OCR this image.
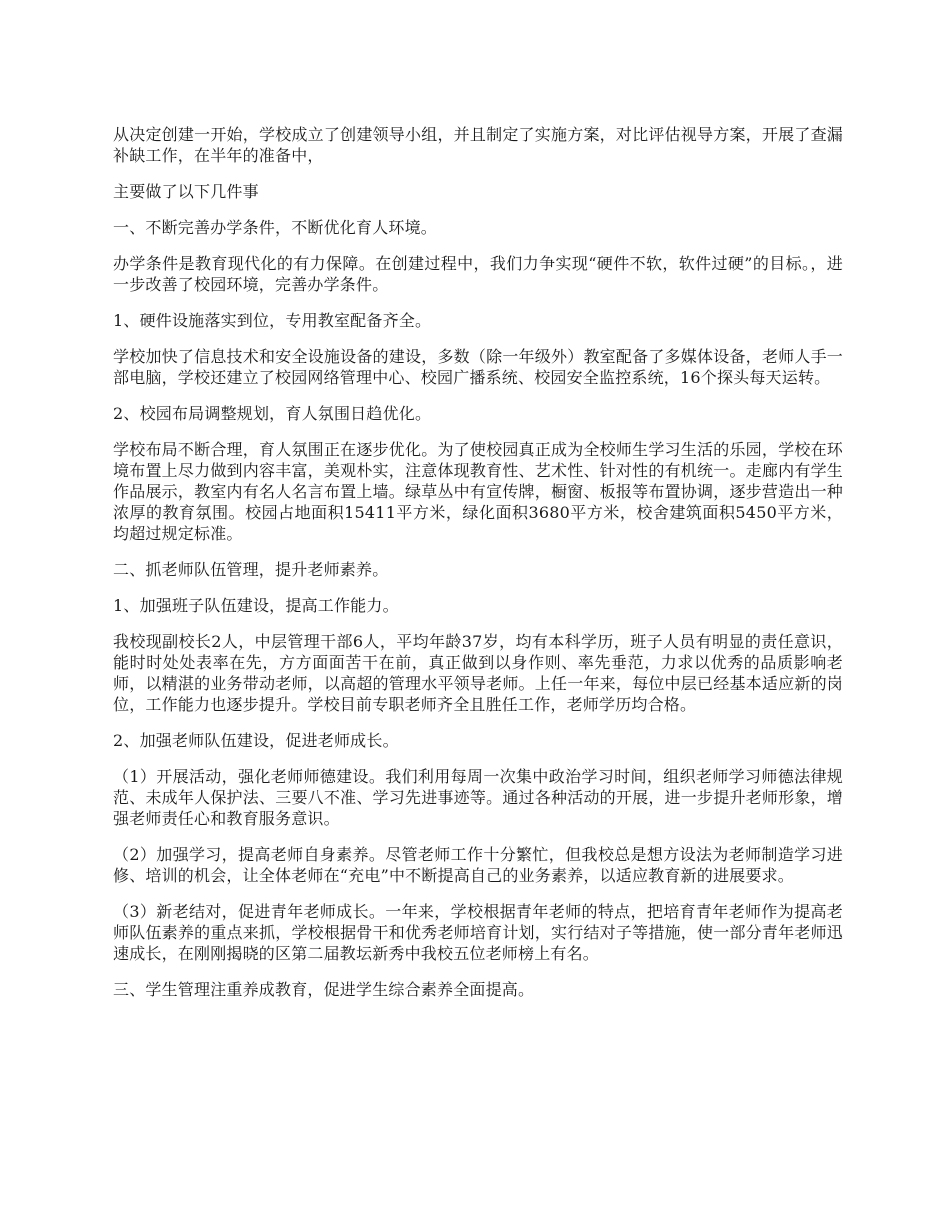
从决定创建一开始，学校成立了创建领导小组，并且制定了实施方案，对比评估视导方案，开展了查漏补缺工作，在半年的准备中，

主要做了以下几件事

一、不断完善办学条件，不断优化育人环境。

办学条件是教育现代化的有力保障。在创建过程中，我们力争实现“硬件不软，软件过硬”的目标。，进一步改善了校园环境，完善办学条件。

1、硬件设施落实到位，专用教室配备齐全。

学校加快了信息技术和安全设施设备的建设，多数（除一年级外）教室配备了多媒体设备，老师人手一部电脑，学校还建立了校园网络管理中心、校园广播系统、校园安全监控系统，16个探头每天运转。

2、校园布局调整规划，育人氛围日趋优化。

学校布局不断合理，育人氛围正在逐步优化。为了使校园真正成为全校师生学习生活的乐园，学校在环境布置上尽力做到内容丰富，美观朴实，注意体现教育性、艺术性、针对性的有机统一。走廊内有学生作品展示，教室内有名人名言布置上墙。绿草丛中有宣传牌，橱窗、板报等布置协调，逐步营造出一种浓厚的教育氛围。校园占地面积15411平方米，绿化面积3680平方米，校舍建筑面积5450平方米，均超过规定标准。

二、抓老师队伍管理，提升老师素养。

1、加强班子队伍建设，提高工作能力。

我校现副校长2人，中层管理干部6人，平均年龄37岁，均有本科学历，班子人员有明显的责任意识，能时时处处表率在先，方方面面苦干在前，真正做到以身作则、率先垂范，力求以优秀的品质影响老师，以精湛的业务带动老师，以高超的管理水平领导老师。上任一年来，每位中层已经基本适应新的岗位，工作能力也逐步提升。学校目前专职老师齐全且胜任工作，老师学历均合格。

2、加强老师队伍建设，促进老师成长。

（1）开展活动，强化老师师德建设。我们利用每周一次集中政治学习时间，组织老师学习师德法律规范、未成年人保护法、三要八不准、学习先进事迹等。通过各种活动的开展，进一步提升老师形象，增强老师责任心和教育服务意识。

（2）加强学习，提高老师自身素养。尽管老师工作十分繁忙，但我校总是想方设法为老师制造学习进修、培训的机会，让全体老师在“充电”中不断提高自己的业务素养，以适应教育新的进展要求。

（3）新老结对，促进青年老师成长。一年来，学校根据青年老师的特点，把培育青年老师作为提高老师队伍素养的重点来抓，学校根据骨干和优秀老师培育计划，实行结对子等措施，使一部分青年老师迅速成长，在刚刚揭晓的区第二届教坛新秀中我校五位老师榜上有名。

三、学生管理注重养成教育，促进学生综合素养全面提高。
